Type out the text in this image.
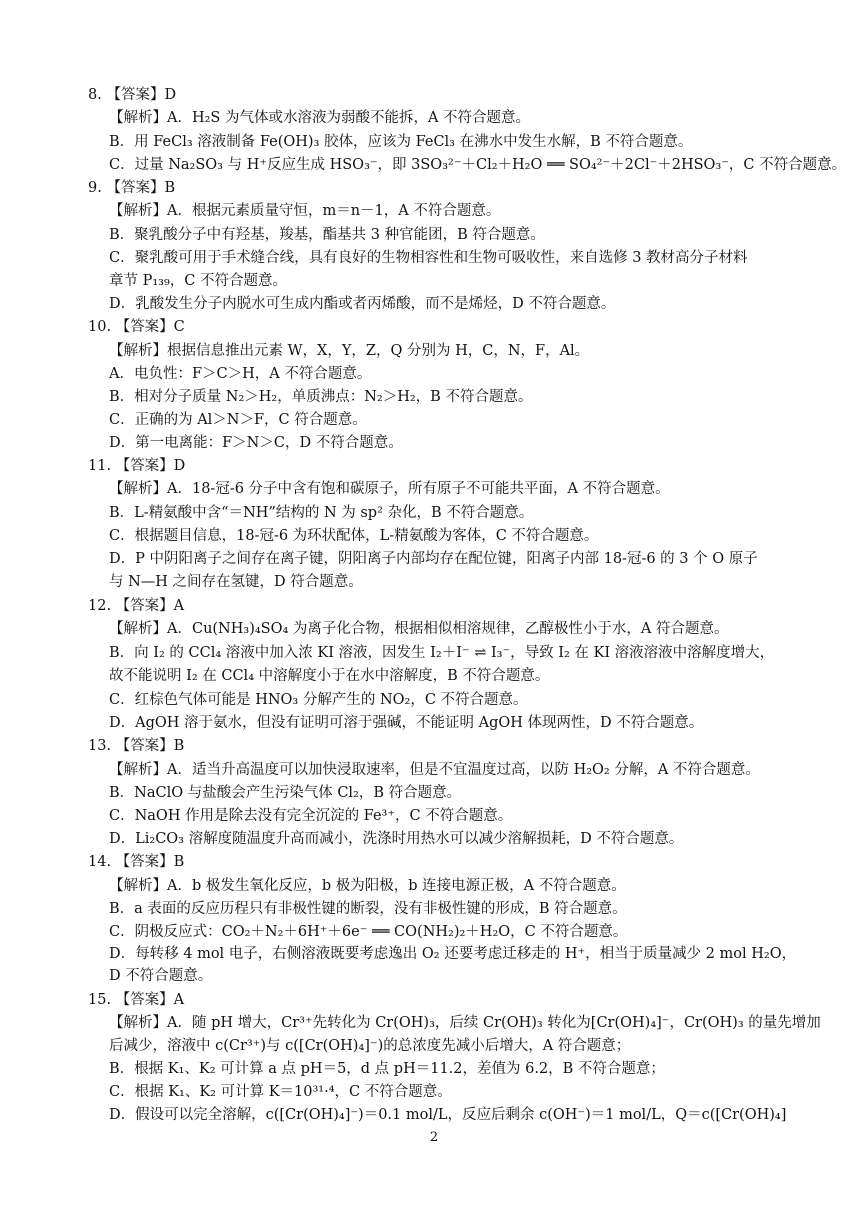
8. 【答案】D
【解析】A．H₂S 为气体或水溶液为弱酸不能拆，A 不符合题意。
B．用 FeCl₃ 溶液制备 Fe(OH)₃ 胶体，应该为 FeCl₃ 在沸水中发生水解，B 不符合题意。
C．过量 Na₂SO₃ 与 H⁺反应生成 HSO₃⁻，即 3SO₃²⁻＋Cl₂＋H₂O ══ SO₄²⁻＋2Cl⁻＋2HSO₃⁻，C 不符合题意。
9. 【答案】B
【解析】A．根据元素质量守恒，m＝n－1，A 不符合题意。
B．聚乳酸分子中有羟基，羧基，酯基共 3 种官能团，B 符合题意。
C．聚乳酸可用于手术缝合线，具有良好的生物相容性和生物可吸收性，来自选修 3 教材高分子材料
章节 P₁₃₉，C 不符合题意。
D．乳酸发生分子内脱水可生成内酯或者丙烯酸，而不是烯烃，D 不符合题意。
10. 【答案】C
【解析】根据信息推出元素 W，X，Y，Z，Q 分别为 H，C，N，F，Al。
A．电负性：F＞C＞H，A 不符合题意。
B．相对分子质量 N₂＞H₂，单质沸点：N₂＞H₂，B 不符合题意。
C．正确的为 Al＞N＞F，C 符合题意。
D．第一电离能：F＞N＞C，D 不符合题意。
11. 【答案】D
【解析】A．18-冠-6 分子中含有饱和碳原子，所有原子不可能共平面，A 不符合题意。
B．L-精氨酸中含“＝NH”结构的 N 为 sp² 杂化，B 不符合题意。
C．根据题目信息，18-冠-6 为环状配体，L-精氨酸为客体，C 不符合题意。
D．P 中阴阳离子之间存在离子键，阴阳离子内部均存在配位键，阳离子内部 18-冠-6 的 3 个 O 原子
与 N—H 之间存在氢键，D 符合题意。
12. 【答案】A
【解析】A．Cu(NH₃)₄SO₄ 为离子化合物，根据相似相溶规律，乙醇极性小于水，A 符合题意。
B．向 I₂ 的 CCl₄ 溶液中加入浓 KI 溶液，因发生 I₂＋I⁻ ⇌ I₃⁻，导致 I₂ 在 KI 溶液溶液中溶解度增大，
故不能说明 I₂ 在 CCl₄ 中溶解度小于在水中溶解度，B 不符合题意。
C．红棕色气体可能是 HNO₃ 分解产生的 NO₂，C 不符合题意。
D．AgOH 溶于氨水，但没有证明可溶于强碱，不能证明 AgOH 体现两性，D 不符合题意。
13. 【答案】B
【解析】A．适当升高温度可以加快浸取速率，但是不宜温度过高，以防 H₂O₂ 分解，A 不符合题意。
B．NaClO 与盐酸会产生污染气体 Cl₂，B 符合题意。
C．NaOH 作用是除去没有完全沉淀的 Fe³⁺，C 不符合题意。
D．Li₂CO₃ 溶解度随温度升高而减小，洗涤时用热水可以减少溶解损耗，D 不符合题意。
14. 【答案】B
【解析】A．b 极发生氧化反应，b 极为阳极，b 连接电源正极，A 不符合题意。
B．a 表面的反应历程只有非极性键的断裂，没有非极性键的形成，B 符合题意。
C．阴极反应式：CO₂＋N₂＋6H⁺＋6e⁻ ══ CO(NH₂)₂＋H₂O，C 不符合题意。
D．每转移 4 mol 电子，右侧溶液既要考虑逸出 O₂ 还要考虑迁移走的 H⁺，相当于质量减少 2 mol H₂O，
D 不符合题意。
15. 【答案】A
【解析】A．随 pH 增大，Cr³⁺先转化为 Cr(OH)₃，后续 Cr(OH)₃ 转化为[Cr(OH)₄]⁻，Cr(OH)₃ 的量先增加
后减少，溶液中 c(Cr³⁺)与 c([Cr(OH)₄]⁻)的总浓度先减小后增大，A 符合题意；
B．根据 K₁、K₂ 可计算 a 点 pH＝5，d 点 pH＝11.2，差值为 6.2，B 不符合题意；
C．根据 K₁、K₂ 可计算 K＝10³¹·⁴，C 不符合题意。
D．假设可以完全溶解，c([Cr(OH)₄]⁻)＝0.1 mol/L，反应后剩余 c(OH⁻)＝1 mol/L，Q＝c([Cr(OH)₄]
2
